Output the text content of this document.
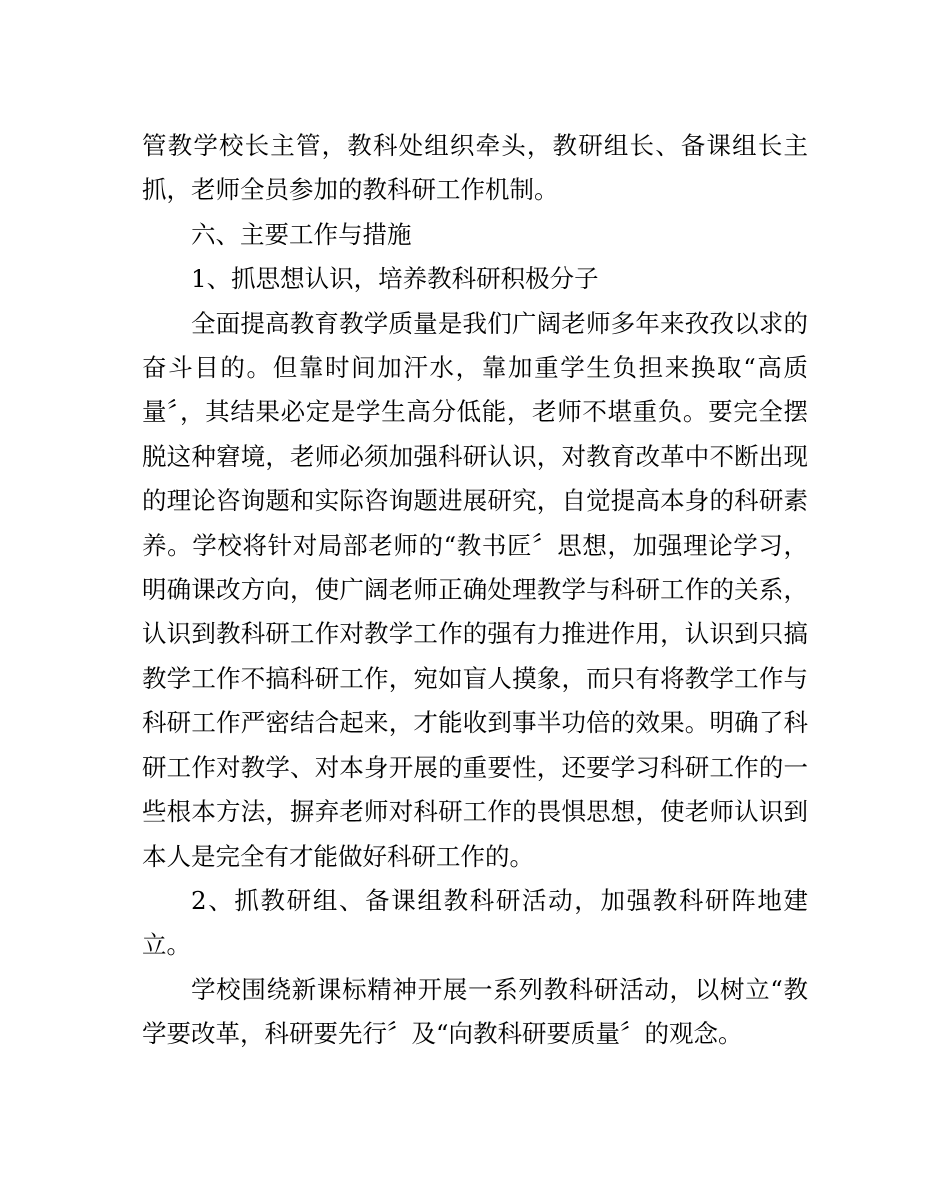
管教学校长主管，教科处组织牵头，教研组长、备课组长主抓，老师全员参加的教科研工作机制。

六、主要工作与措施

1、抓思想认识，培养教科研积极分子

全面提高教育教学质量是我们广阔老师多年来孜孜以求的奋斗目的。但靠时间加汗水，靠加重学生负担来换取“高质量〞，其结果必定是学生高分低能，老师不堪重负。要完全摆脱这种窘境，老师必须加强科研认识，对教育改革中不断出现的理论咨询题和实际咨询题进展研究，自觉提高本身的科研素养。学校将针对局部老师的“教书匠〞思想，加强理论学习，明确课改方向，使广阔老师正确处理教学与科研工作的关系，认识到教科研工作对教学工作的强有力推进作用，认识到只搞教学工作不搞科研工作，宛如盲人摸象，而只有将教学工作与科研工作严密结合起来，才能收到事半功倍的效果。明确了科研工作对教学、对本身开展的重要性，还要学习科研工作的一些根本方法，摒弃老师对科研工作的畏惧思想，使老师认识到本人是完全有才能做好科研工作的。

2、抓教研组、备课组教科研活动，加强教科研阵地建立。

学校围绕新课标精神开展一系列教科研活动，以树立“教学要改革，科研要先行〞及“向教科研要质量〞的观念。
